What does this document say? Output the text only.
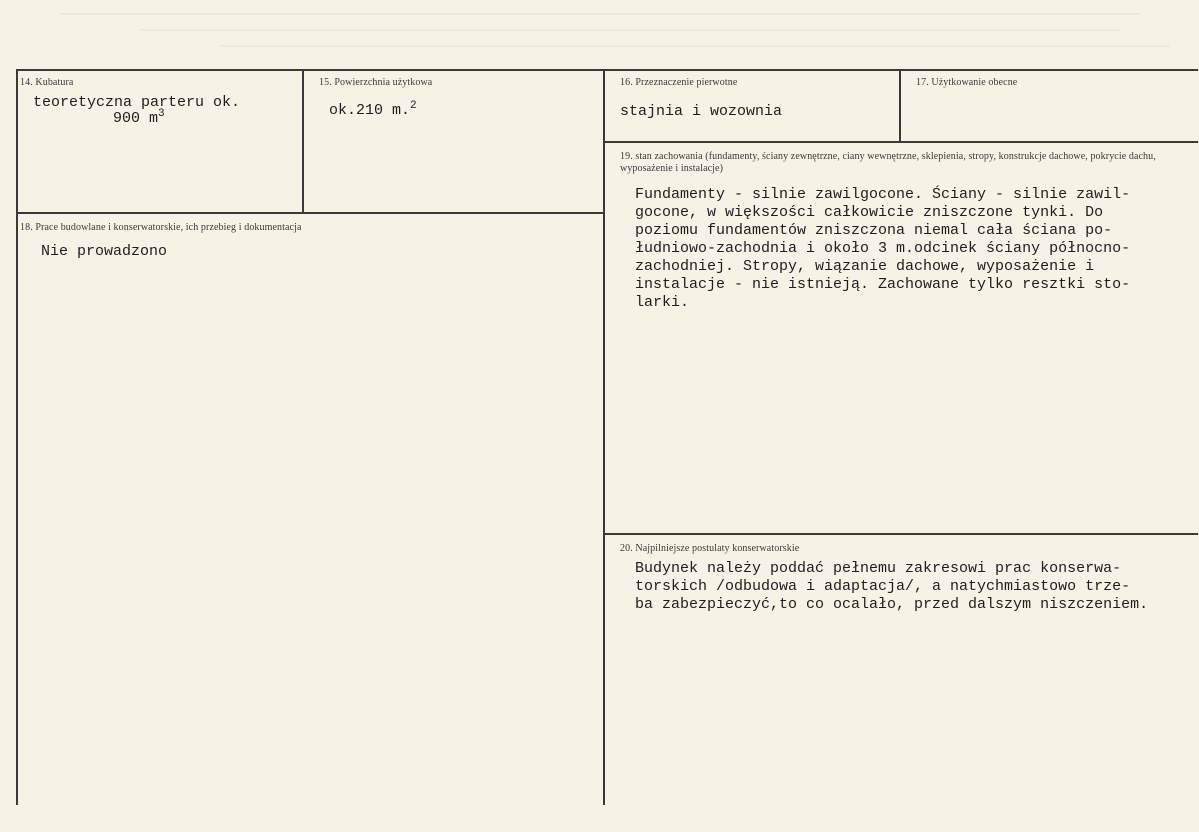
14. Kubatura
teoretyczna parteru ok.
900 $m^3$
15. Powierzchnia użytkowa
ok.210 m.$^2$
16. Przeznaczenie pierwotne
stajnia i wozownia
17. Użytkowanie obecne
18. Prace budowlane i konserwatorskie, ich przebieg i dokumentacja
Nie prowadzono
19. stan zachowania (fundamenty, ściany zewnętrzne, ciany wewnętrzne, sklepienia, stropy, konstrukcje dachowe, pokrycie dachu, wyposażenie i instalacje)
Fundamenty - silnie zawilgocone. Ściany - silnie zawil-
gocone, w większości całkowicie zniszczone tynki. Do
poziomu fundamentów zniszczona niemal cała ściana po-
łudniowo-zachodnia i około 3 m.odcinek ściany północno-
zachodniej. Stropy, wiązanie dachowe, wyposażenie i
instalacje - nie istnieją. Zachowane tylko resztki sto-
larki.
20. Najpilniejsze postulaty konserwatorskie
Budynek należy poddać pełnemu zakresowi prac konserwa-
torskich /odbudowa i adaptacja/, a natychmiastowo trze-
ba zabezpieczyć,to co ocalało, przed dalszym niszczeniem.
